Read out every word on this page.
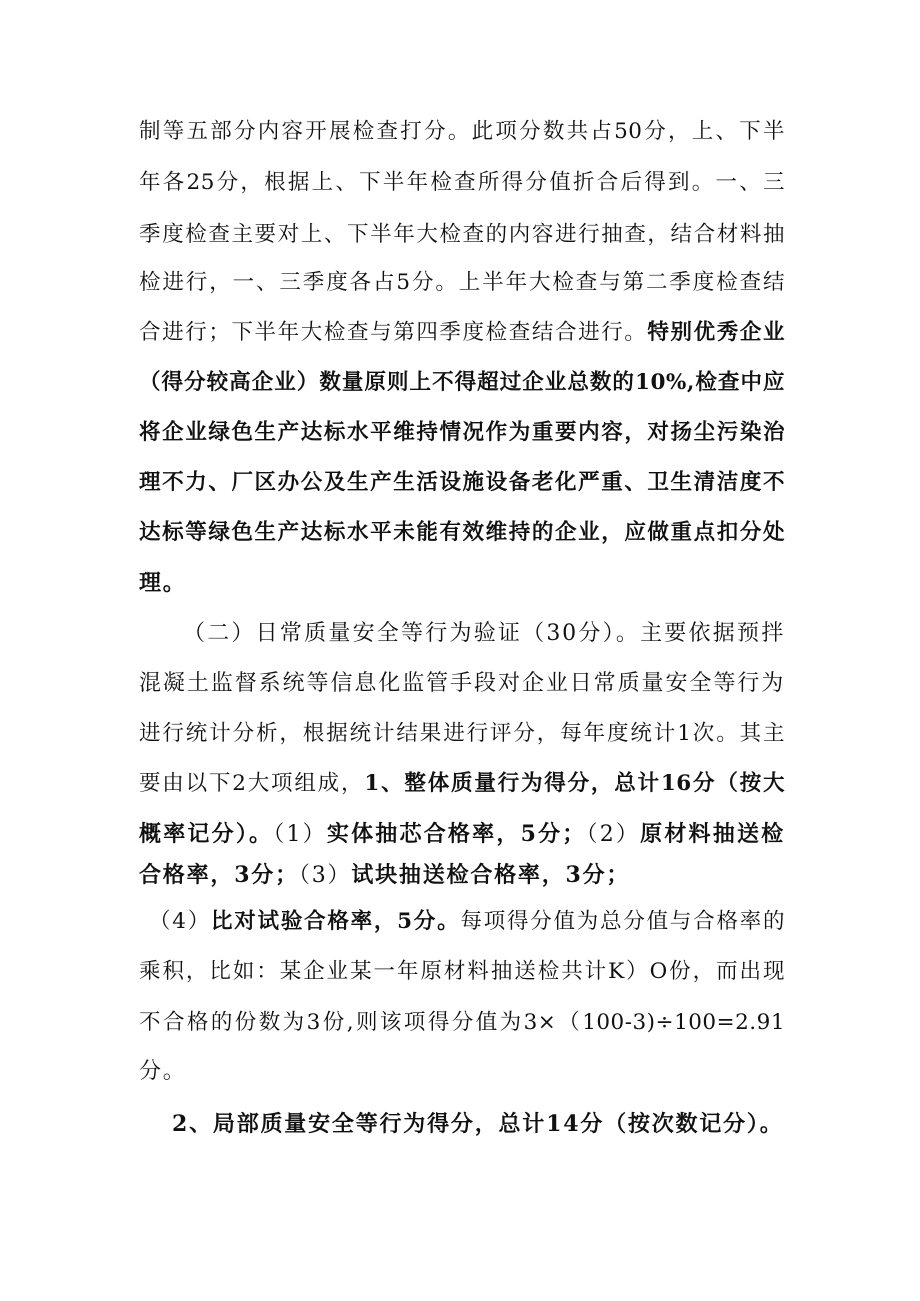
制等五部分内容开展检查打分。此项分数共占50分，上、下半
年各25分，根据上、下半年检查所得分值折合后得到。一、三
季度检查主要对上、下半年大检查的内容进行抽查，结合材料抽
检进行，一、三季度各占5分。上半年大检查与第二季度检查结
合进行；下半年大检查与第四季度检查结合进行。特别优秀企业
（得分较高企业）数量原则上不得超过企业总数的10%,检查中应
将企业绿色生产达标水平维持情况作为重要内容，对扬尘污染治
理不力、厂区办公及生产生活设施设备老化严重、卫生清洁度不
达标等绿色生产达标水平未能有效维持的企业，应做重点扣分处
理。
（二）日常质量安全等行为验证（30分）。主要依据预拌
混凝土监督系统等信息化监管手段对企业日常质量安全等行为
进行统计分析，根据统计结果进行评分，每年度统计1次。其主
要由以下2大项组成，1、整体质量行为得分，总计16分（按大
概率记分）。（1）实体抽芯合格率，5分；（2）原材料抽送检
合格率，3分；（3）试块抽送检合格率，3分；
（4）比对试验合格率，5分。每项得分值为总分值与合格率的
乘积，比如：某企业某一年原材料抽送检共计K）O份，而出现
不合格的份数为3份,则该项得分值为3×（100-3)÷100=2.91
分。
2、局部质量安全等行为得分，总计14分（按次数记分）。
